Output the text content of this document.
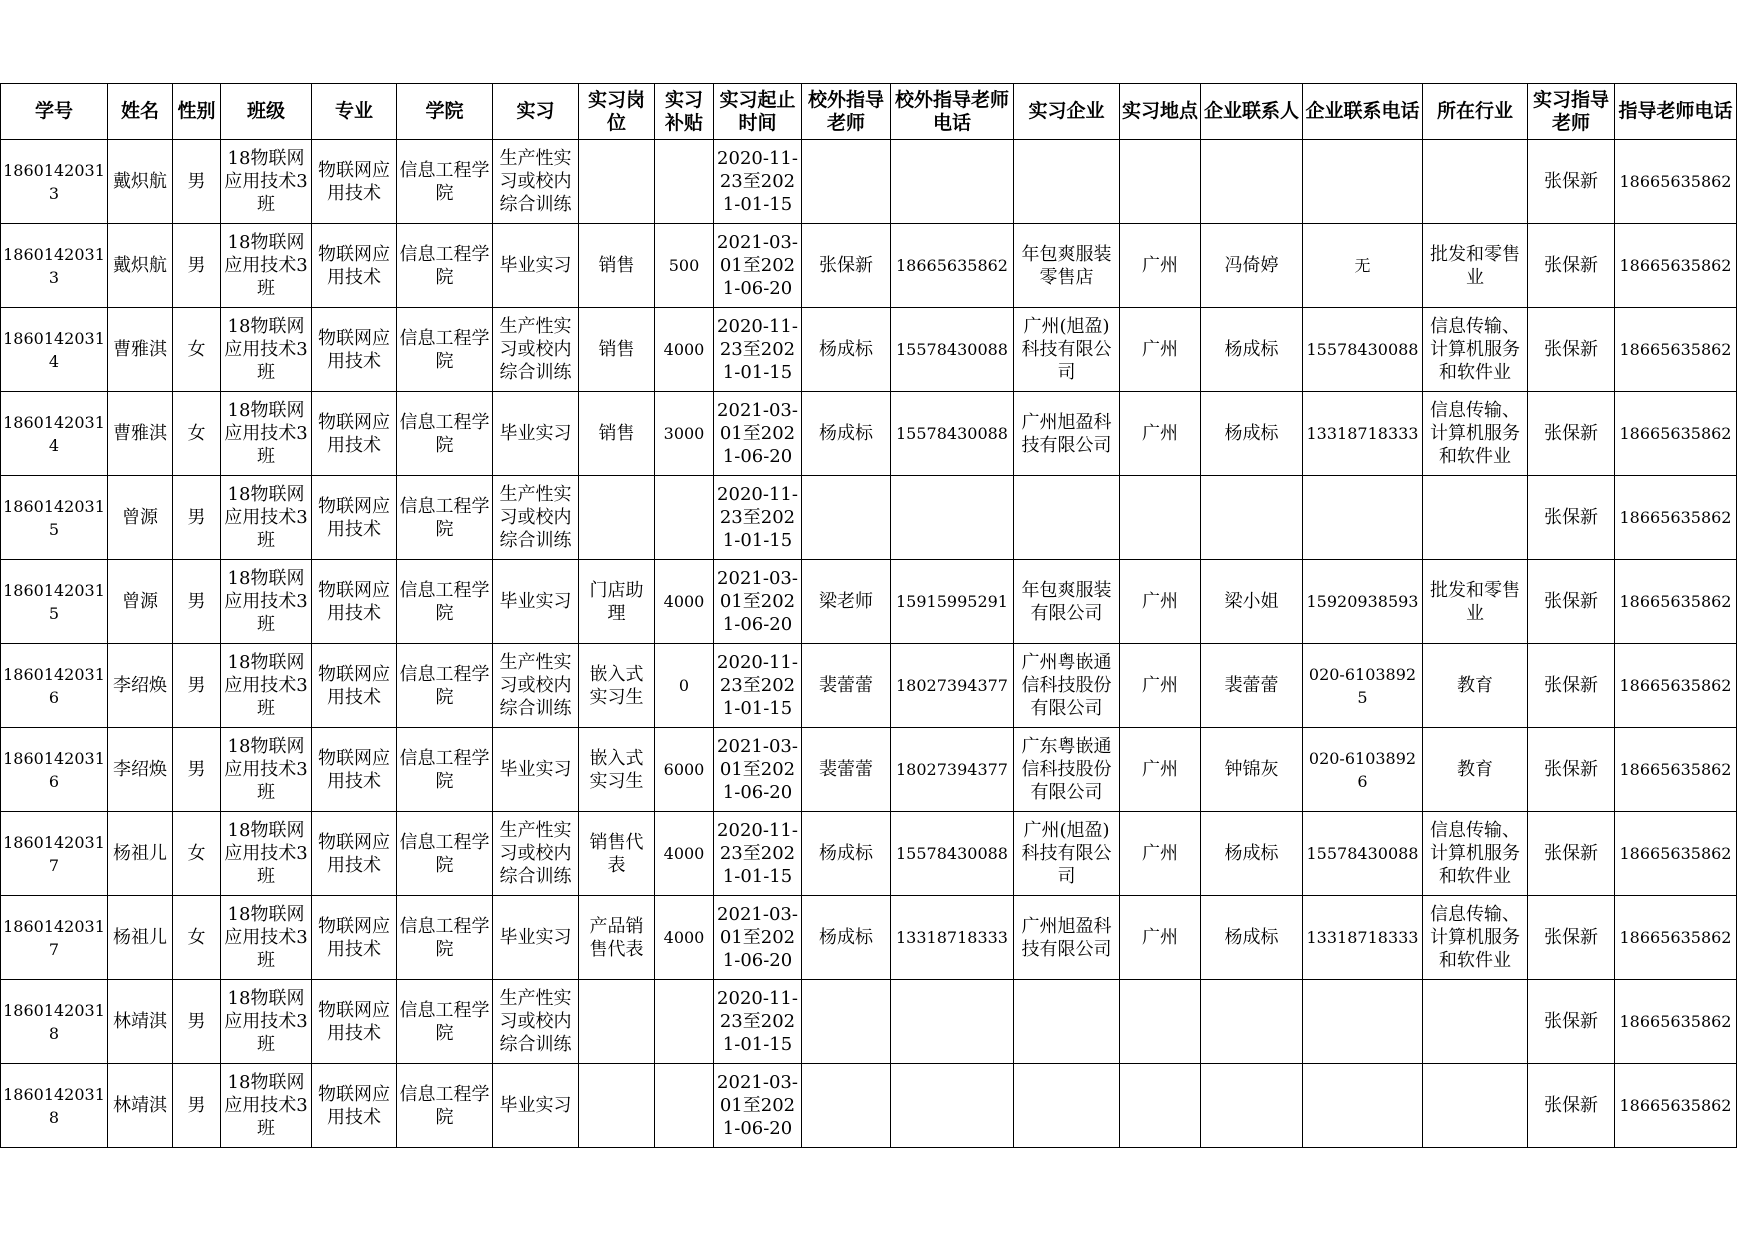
学号	姓名	性别	班级	专业	学院	实习	实习岗位	实习补贴	实习起止时间	校外指导老师	校外指导老师电话	实习企业	实习地点	企业联系人	企业联系电话	所在行业	实习指导老师	指导老师电话

18601420313	戴炽航	男	18物联网应用技术3班	物联网应用技术	信息工程学院	生产性实习或校内综合训练			2020-11-23至2021-01-15								张保新	18665635862

18601420313	戴炽航	男	18物联网应用技术3班	物联网应用技术	信息工程学院	毕业实习	销售	500	2021-03-01至2021-06-20	张保新	18665635862	年包爽服装零售店	广州	冯倚婷	无	批发和零售业	张保新	18665635862

18601420314	曹雅淇	女	18物联网应用技术3班	物联网应用技术	信息工程学院	生产性实习或校内综合训练	销售	4000	2020-11-23至2021-01-15	杨成标	15578430088	广州(旭盈)科技有限公司	广州	杨成标	15578430088	信息传输、计算机服务和软件业	张保新	18665635862

18601420314	曹雅淇	女	18物联网应用技术3班	物联网应用技术	信息工程学院	毕业实习	销售	3000	2021-03-01至2021-06-20	杨成标	15578430088	广州旭盈科技有限公司	广州	杨成标	13318718333	信息传输、计算机服务和软件业	张保新	18665635862

18601420315	曾源	男	18物联网应用技术3班	物联网应用技术	信息工程学院	生产性实习或校内综合训练			2020-11-23至2021-01-15								张保新	18665635862

18601420315	曾源	男	18物联网应用技术3班	物联网应用技术	信息工程学院	毕业实习	门店助理	4000	2021-03-01至2021-06-20	梁老师	15915995291	年包爽服装有限公司	广州	梁小姐	15920938593	批发和零售业	张保新	18665635862

18601420316	李绍焕	男	18物联网应用技术3班	物联网应用技术	信息工程学院	生产性实习或校内综合训练	嵌入式实习生	0	2020-11-23至2021-01-15	裴蕾蕾	18027394377	广州粤嵌通信科技股份有限公司	广州	裴蕾蕾	020-61038925	教育	张保新	18665635862

18601420316	李绍焕	男	18物联网应用技术3班	物联网应用技术	信息工程学院	毕业实习	嵌入式实习生	6000	2021-03-01至2021-06-20	裴蕾蕾	18027394377	广东粤嵌通信科技股份有限公司	广州	钟锦灰	020-61038926	教育	张保新	18665635862

18601420317	杨祖儿	女	18物联网应用技术3班	物联网应用技术	信息工程学院	生产性实习或校内综合训练	销售代表	4000	2020-11-23至2021-01-15	杨成标	15578430088	广州(旭盈)科技有限公司	广州	杨成标	15578430088	信息传输、计算机服务和软件业	张保新	18665635862

18601420317	杨祖儿	女	18物联网应用技术3班	物联网应用技术	信息工程学院	毕业实习	产品销售代表	4000	2021-03-01至2021-06-20	杨成标	13318718333	广州旭盈科技有限公司	广州	杨成标	13318718333	信息传输、计算机服务和软件业	张保新	18665635862

18601420318	林靖淇	男	18物联网应用技术3班	物联网应用技术	信息工程学院	生产性实习或校内综合训练			2020-11-23至2021-01-15								张保新	18665635862

18601420318	林靖淇	男	18物联网应用技术3班	物联网应用技术	信息工程学院	毕业实习			2021-03-01至2021-06-20								张保新	18665635862
